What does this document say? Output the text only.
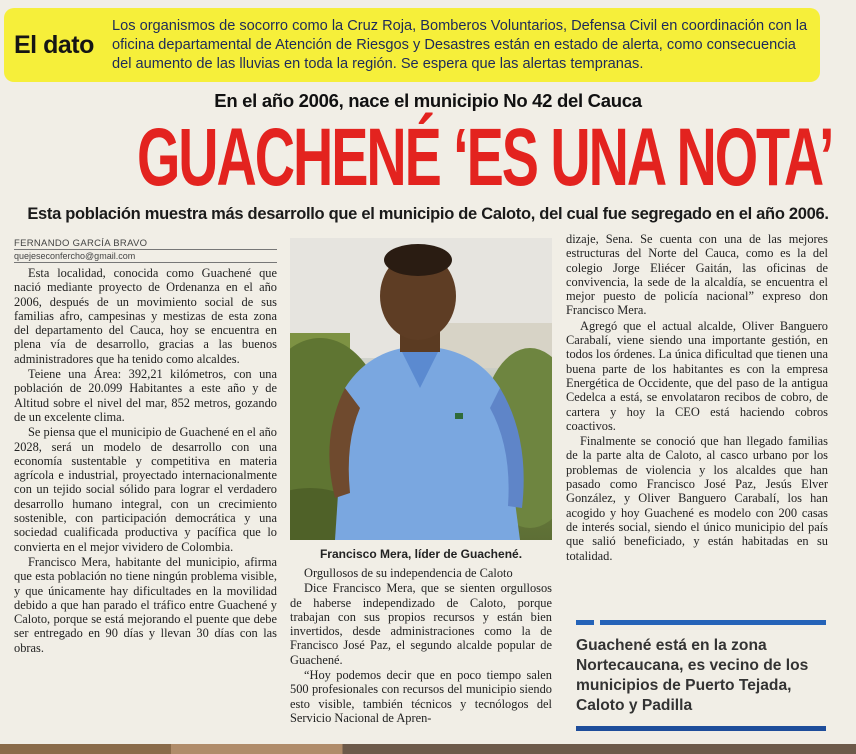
El dato
Los organismos de socorro como la Cruz Roja, Bomberos Voluntarios, Defensa Civil en coordinación con la oficina departamental de Atención de Riesgos y Desastres están en estado de alerta, como consecuencia del aumento de las lluvias en toda la región. Se espera que las alertas tempranas.
En el año 2006, nace el municipio No 42 del Cauca
GUACHENÉ ‘ES UNA NOTA’
Esta población muestra más desarrollo que el municipio de Caloto, del cual fue segregado en el año 2006.
FERNANDO GARCÍA BRAVO
quejeseconfercho@gmail.com

Esta localidad, conocida como Guachené que nació mediante proyecto de Ordenanza en el año 2006, después de un movimiento social de sus familias afro, campesinas y mestizas de esta zona del departamento del Cauca, hoy se encuentra en plena vía de desarrollo, gracias a las buenos administradores que ha tenido como alcaldes.

Teiene una Área: 392,21 kilómetros, con una población de 20.099 Habitantes a este año y de Altitud sobre el nivel del mar, 852 metros, gozando de un excelente clima.

Se piensa que el municipio de Guachené en el año 2028, será un modelo de desarrollo con una economía sustentable y competitiva en materia agrícola e industrial, proyectado internacionalmente con un tejido social sólido para lograr el verdadero desarrollo humano integral, con un crecimiento sostenible, con participación democrática y una sociedad cualificada productiva y pacífica que lo convierta en el mejor vividero de Colombia.

Francisco Mera, habitante del municipio, afirma que esta población no tiene ningún problema visible, y que únicamente hay dificultades en la movilidad debido a que han parado el tráfico entre Guachené y Caloto, porque se está mejorando el puente que debe ser entregado en 90 días y llevan 30 días con las obras.

Francisco Mera, líder de Guachené.

Orgullosos de su independencia de Caloto

Dice Francisco Mera, que se sienten orgullosos de haberse independizado de Caloto, porque trabajan con sus propios recursos y están bien invertidos, desde administraciones como la de Francisco José Paz, el segundo alcalde popular de Guachené.

“Hoy podemos decir que en poco tiempo salen 500 profesionales con recursos del municipio siendo esto visible, también técnicos y tecnólogos del Servicio Nacional de Apren-

dizaje, Sena. Se cuenta con una de las mejores estructuras del Norte del Cauca, como es la del colegio Jorge Eliécer Gaitán, las oficinas de convivencia, la sede de la alcaldía, se encuentra el mejor puesto de policía nacional” expreso don Francisco Mera.

Agregó que el actual alcalde, Oliver Banguero Carabalí, viene siendo una importante gestión, en todos los órdenes. La única dificultad que tienen una buena parte de los habitantes es con la empresa Energética de Occidente, que del paso de la antigua Cedelca a está, se envolataron recibos de cobro, de cartera y hoy la CEO está haciendo cobros coactivos.

Finalmente se conoció que han llegado familias de la parte alta de Caloto, al casco urbano por los problemas de violencia y los alcaldes que han pasado como Francisco José Paz, Jesús Elver González, y Oliver Banguero Carabalí, los han acogido y hoy Guachené es modelo con 200 casas de interés social, siendo el único municipio del país que salió beneficiado, y están habitadas en su totalidad.

Guachené está en la zona Nortecaucana, es vecino de los municipios de Puerto Tejada, Caloto y Padilla
